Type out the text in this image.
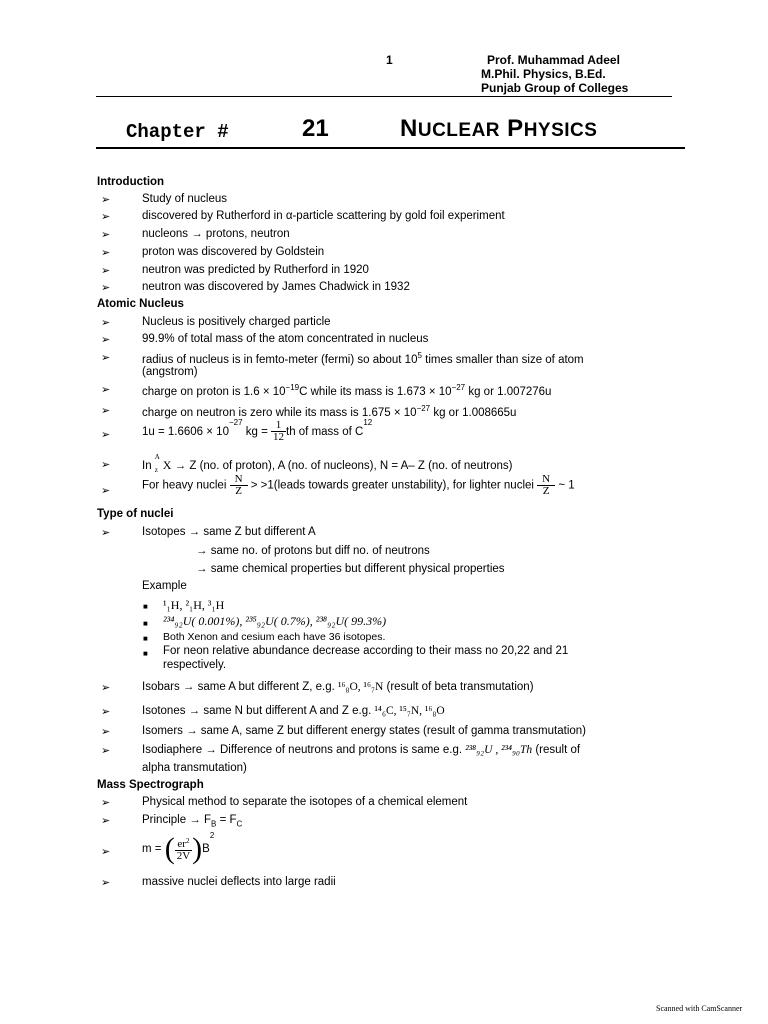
1	Prof. Muhammad Adeel
M.Phil. Physics, B.Ed.
Punjab Group of Colleges
Chapter #	21	NUCLEAR PHYSICS
Introduction
➢	Study of nucleus
➢	discovered by Rutherford in α-particle scattering by gold foil experiment
➢	nucleons → protons, neutron
➢	proton was discovered by Goldstein
➢	neutron was predicted by Rutherford in 1920
➢	neutron was discovered by James Chadwick in 1932
Atomic Nucleus
➢	Nucleus is positively charged particle
➢	99.9% of total mass of the atom concentrated in nucleus
➢	radius of nucleus is in femto-meter (fermi) so about $10^5$ times smaller than size of atom
(angstrom)
➢	charge on proton is $1.6 \times 10^{-19}C$ while its mass is $1.673 \times 10^{-27}$ kg or 1.007276u
➢	charge on neutron is zero while its mass is $1.675 \times 10^{-27}$ kg or 1.008665u
➢	$1u = 1.6606 \times 10^{-27}$ kg = $\frac{1}{12}$ th of mass of $C^{12}$
➢	In
A
z X → Z (no. of proton), A (no. of nucleons), N = A– Z (no. of neutrons)
➢	For heavy nuclei $\frac{N}{Z}$ > >1(leads towards greater unstability), for lighter nuclei $\frac{N}{Z}$ ~ 1
Type of nuclei
➢	Isotopes → same Z but different A
→ same no. of protons but diff no. of neutrons
→ same chemical properties but different physical properties
Example
■ ¹₁H, ²₁H, ³₁H
■ ²³⁴₉₂U( 0.001%), ²³⁵₉₂U( 0.7%), ²³⁸₉₂U( 99.3%)
■ Both Xenon and cesium each have 36 isotopes.
■ For neon relative abundance decrease according to their mass no 20,22 and 21
respectively.
➢	Isobars → same A but different Z, e.g. ¹⁶₈O, ¹⁶₇N (result of beta transmutation)
➢	Isotones → same N but different A and Z e.g. ¹⁴₆C, ¹⁵₇N, ¹⁶₈O
➢	Isomers → same A, same Z but different energy states (result of gamma transmutation)
➢	Isodiaphere → Difference of neutrons and protons is same e.g. ²³⁸₉₂U , ²³⁴₉₀Th (result of
alpha transmutation)
Mass Spectrograph
➢	Physical method to separate the isotopes of a chemical element
➢	Principle → $F_B = F_C$
➢	m = ( $\frac{er^2}{2V} )B^2$
➢	massive nuclei deflects into large radii
Scanned with CamScanner
